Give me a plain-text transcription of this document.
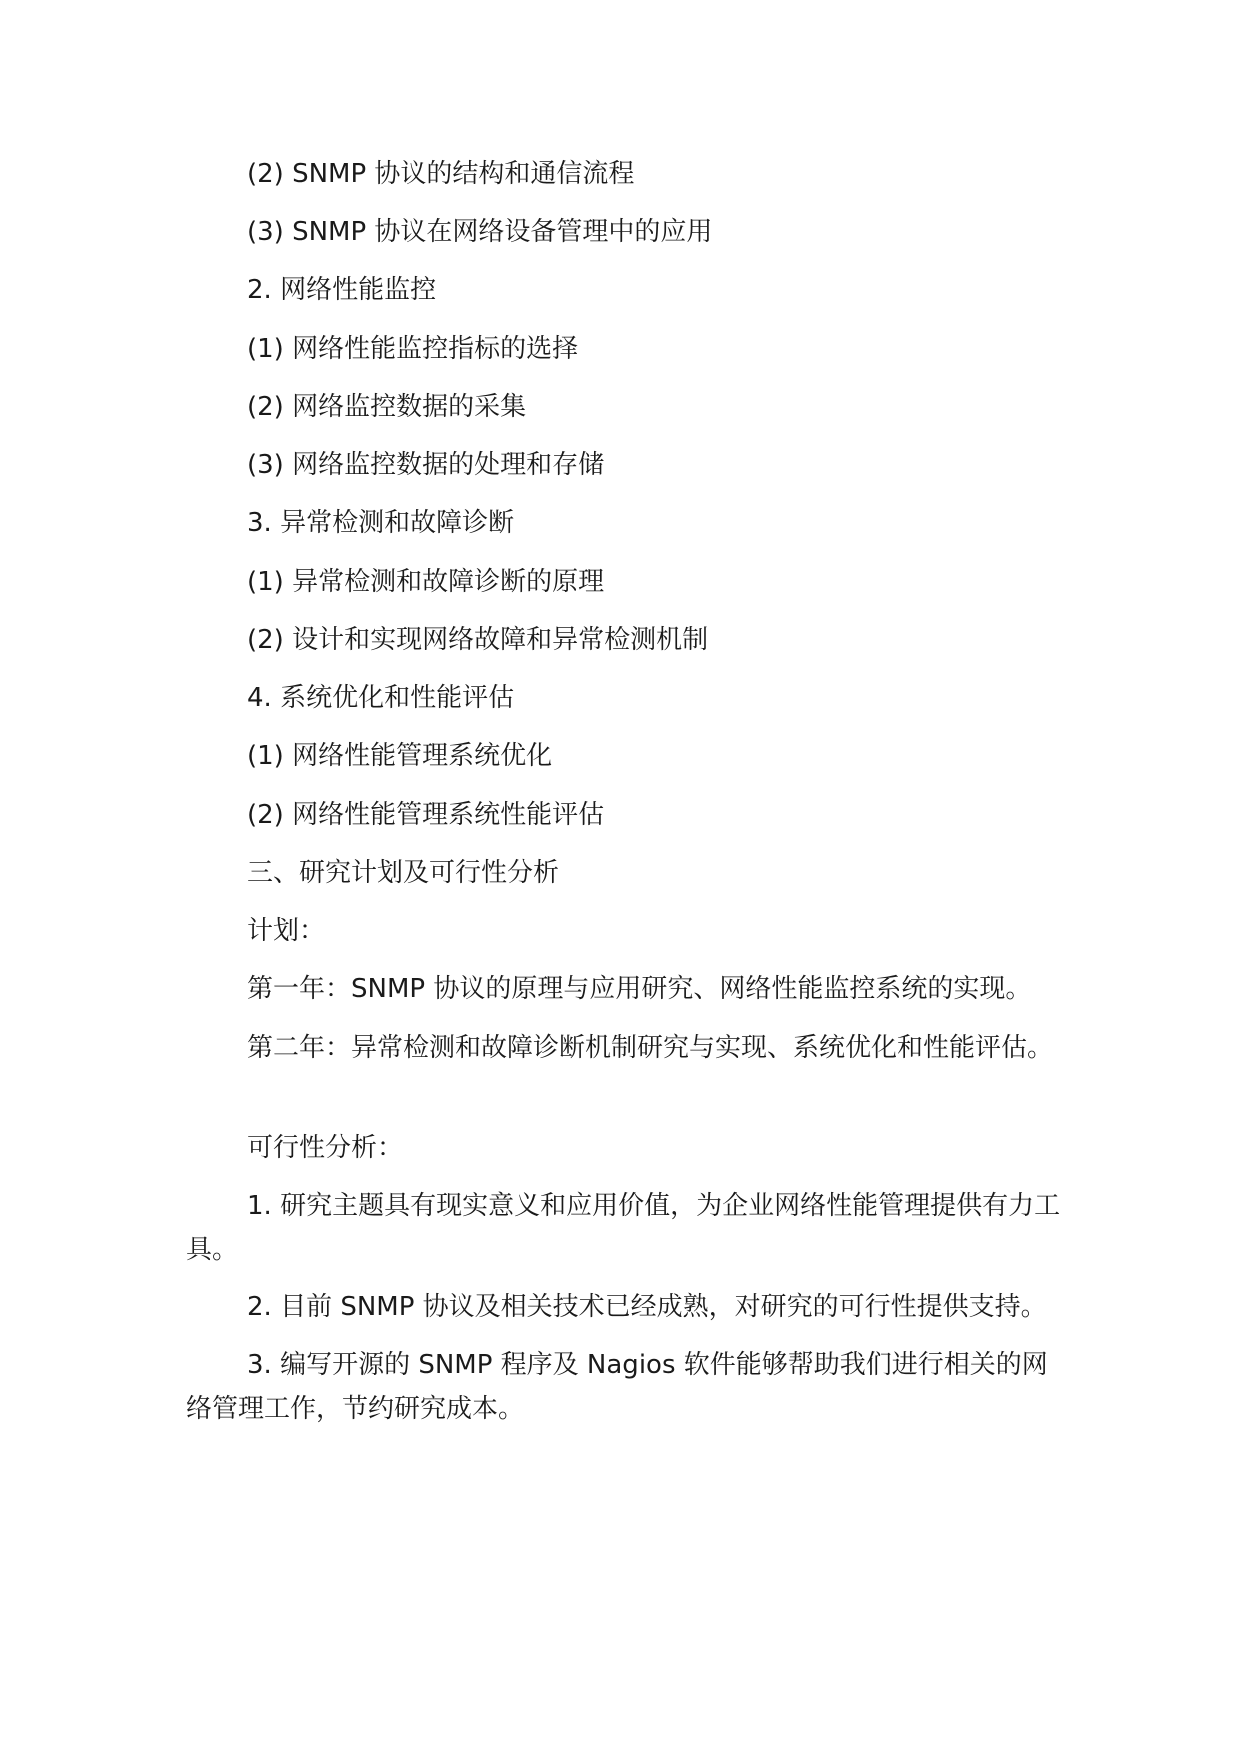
(2) SNMP 协议的结构和通信流程
(3) SNMP 协议在网络设备管理中的应用
2. 网络性能监控
(1) 网络性能监控指标的选择
(2) 网络监控数据的采集
(3) 网络监控数据的处理和存储
3. 异常检测和故障诊断
(1) 异常检测和故障诊断的原理
(2) 设计和实现网络故障和异常检测机制
4. 系统优化和性能评估
(1) 网络性能管理系统优化
(2) 网络性能管理系统性能评估
三、研究计划及可行性分析
计划：
第一年：SNMP 协议的原理与应用研究、网络性能监控系统的实现。
第二年：异常检测和故障诊断机制研究与实现、系统优化和性能评估。
可行性分析：
1. 研究主题具有现实意义和应用价值，为企业网络性能管理提供有力工具。
2. 目前 SNMP 协议及相关技术已经成熟，对研究的可行性提供支持。
3. 编写开源的 SNMP 程序及 Nagios 软件能够帮助我们进行相关的网络管理工作，节约研究成本。
